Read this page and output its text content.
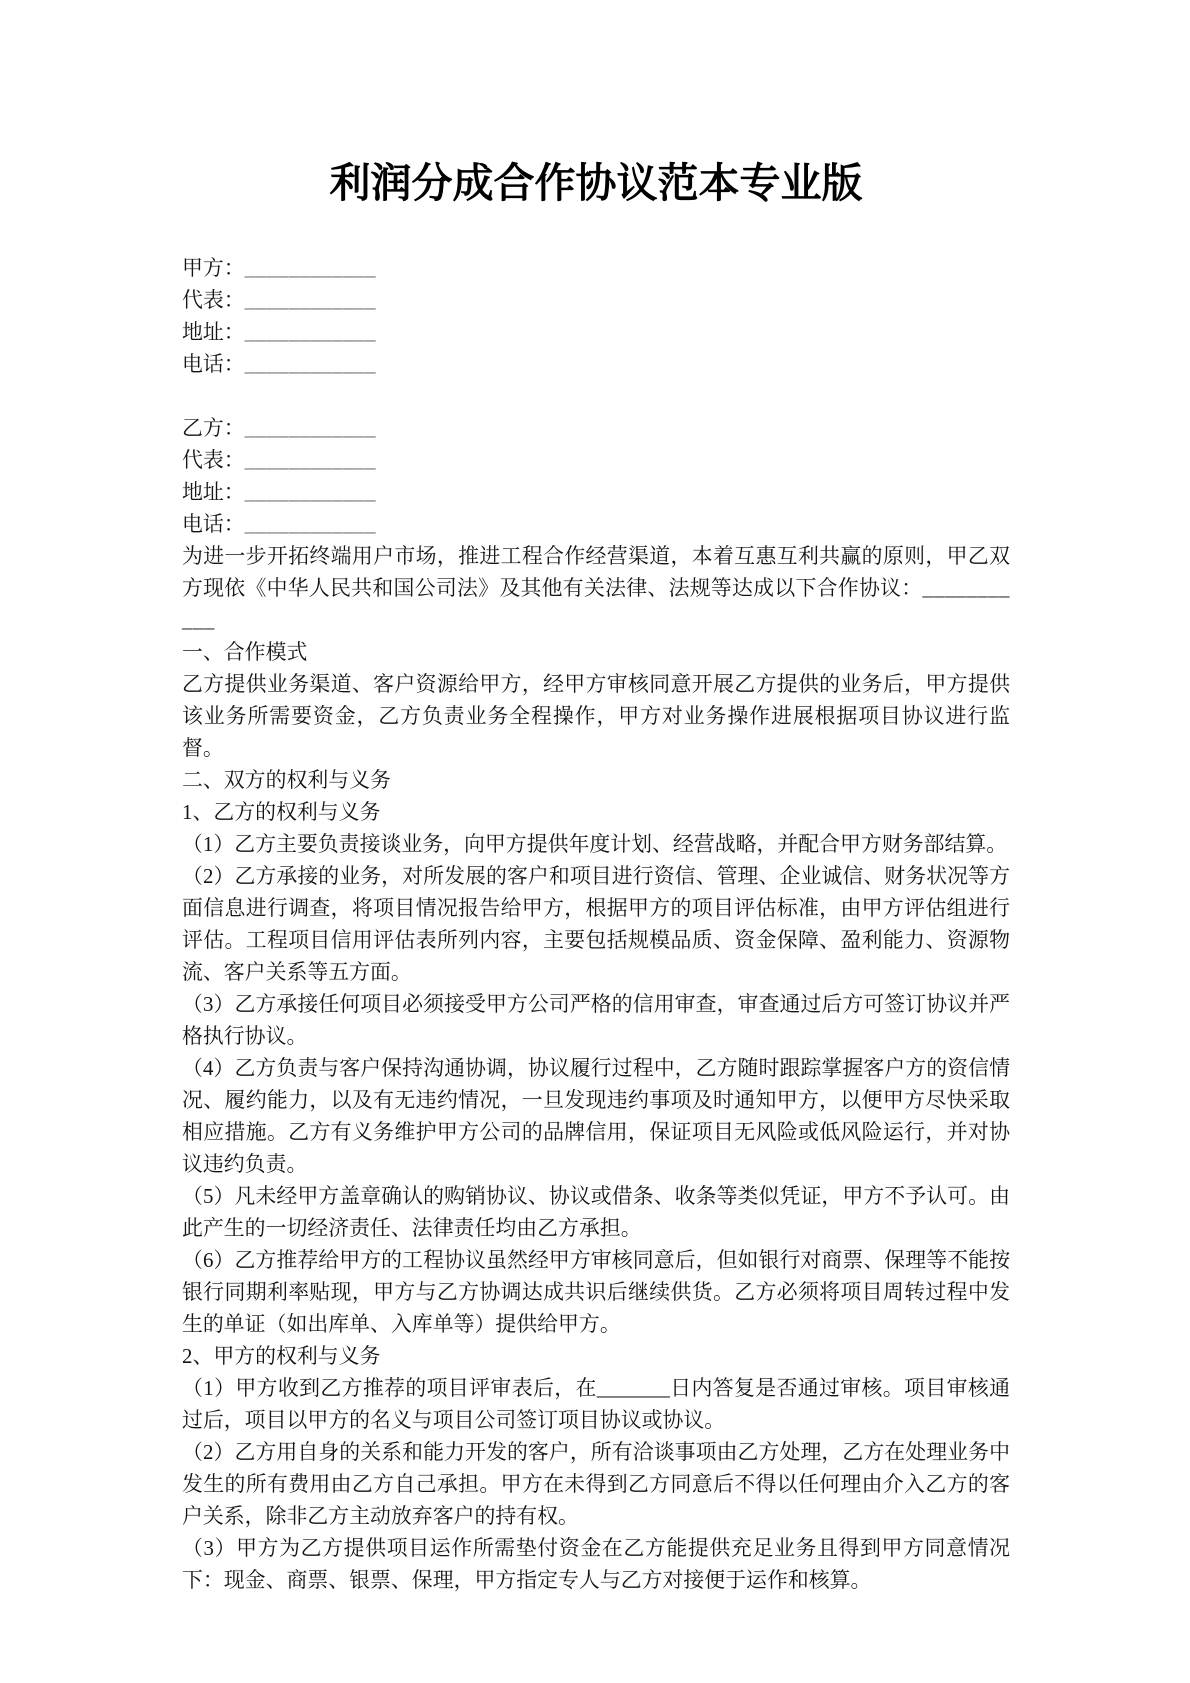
利润分成合作协议范本专业版
甲方：____________
代表：____________
地址：____________
电话：____________
乙方：____________
代表：____________
地址：____________
电话：____________

为进一步开拓终端用户市场，推进工程合作经营渠道，本着互惠互利共赢的原则，甲乙双方现依《中华人民共和国公司法》及其他有关法律、法规等达成以下合作协议：___________

一、合作模式

乙方提供业务渠道、客户资源给甲方，经甲方审核同意开展乙方提供的业务后，甲方提供该业务所需要资金，乙方负责业务全程操作，甲方对业务操作进展根据项目协议进行监督。

二、双方的权利与义务

1、乙方的权利与义务

（1）乙方主要负责接谈业务，向甲方提供年度计划、经营战略，并配合甲方财务部结算。

（2）乙方承接的业务，对所发展的客户和项目进行资信、管理、企业诚信、财务状况等方面信息进行调查，将项目情况报告给甲方，根据甲方的项目评估标准，由甲方评估组进行评估。工程项目信用评估表所列内容，主要包括规模品质、资金保障、盈利能力、资源物流、客户关系等五方面。

（3）乙方承接任何项目必须接受甲方公司严格的信用审查，审查通过后方可签订协议并严格执行协议。

（4）乙方负责与客户保持沟通协调，协议履行过程中，乙方随时跟踪掌握客户方的资信情况、履约能力，以及有无违约情况，一旦发现违约事项及时通知甲方，以便甲方尽快采取相应措施。乙方有义务维护甲方公司的品牌信用，保证项目无风险或低风险运行，并对协议违约负责。

（5）凡未经甲方盖章确认的购销协议、协议或借条、收条等类似凭证，甲方不予认可。由此产生的一切经济责任、法律责任均由乙方承担。

（6）乙方推荐给甲方的工程协议虽然经甲方审核同意后，但如银行对商票、保理等不能按银行同期利率贴现，甲方与乙方协调达成共识后继续供货。乙方必须将项目周转过程中发生的单证（如出库单、入库单等）提供给甲方。

2、甲方的权利与义务

（1）甲方收到乙方推荐的项目评审表后，在_______日内答复是否通过审核。项目审核通过后，项目以甲方的名义与项目公司签订项目协议或协议。

（2）乙方用自身的关系和能力开发的客户，所有洽谈事项由乙方处理，乙方在处理业务中发生的所有费用由乙方自己承担。甲方在未得到乙方同意后不得以任何理由介入乙方的客户关系，除非乙方主动放弃客户的持有权。

（3）甲方为乙方提供项目运作所需垫付资金在乙方能提供充足业务且得到甲方同意情况下：现金、商票、银票、保理，甲方指定专人与乙方对接便于运作和核算。
